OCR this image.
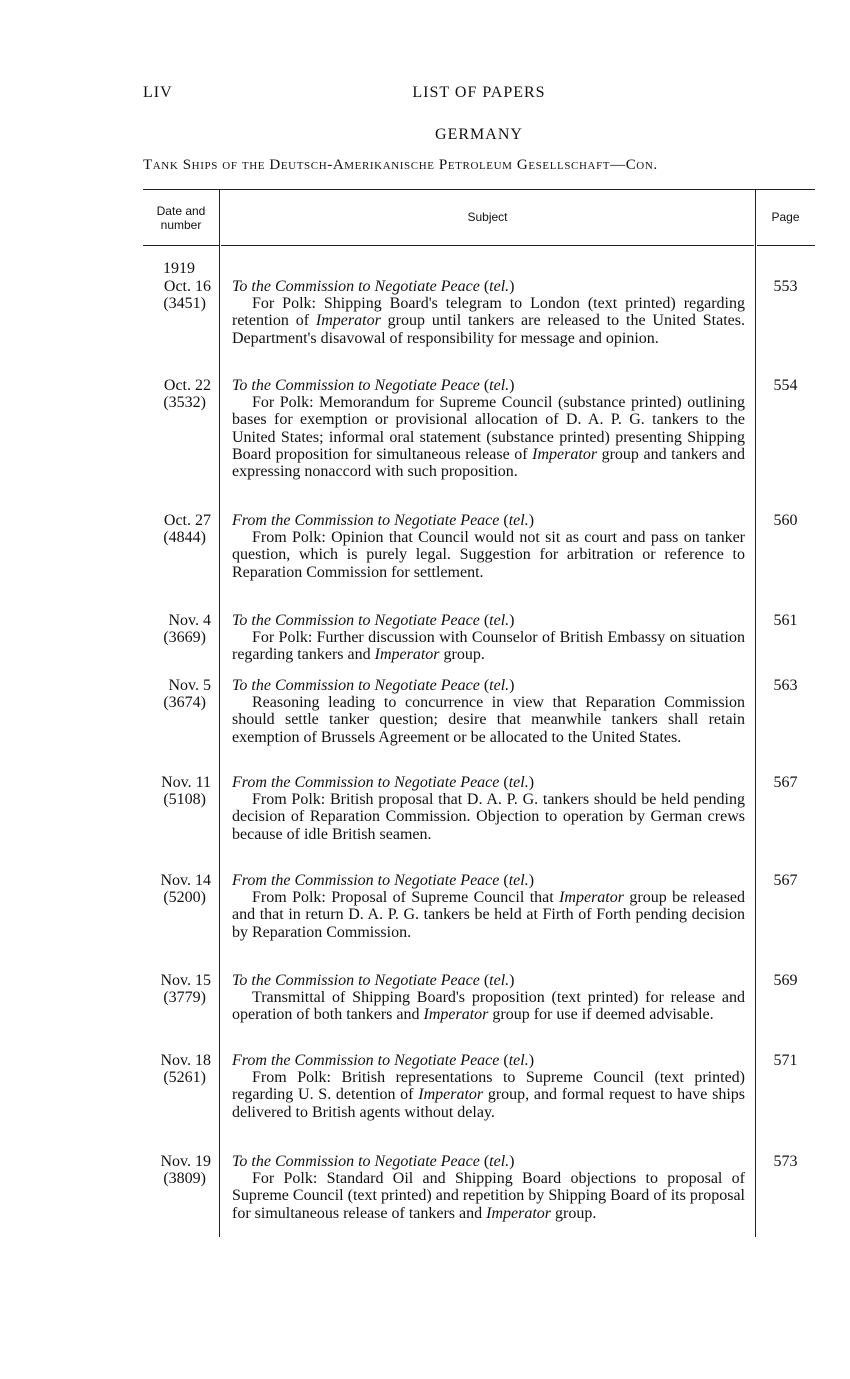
LIV	LIST OF PAPERS
GERMANY
Tank Ships of the Deutsch-Amerikanische Petroleum Gesellschaft—Con.
Date and
number
Subject	Page
1919
Oct. 16
(3451)
To the Commission to Negotiate Peace (tel.)
For Polk: Shipping Board's telegram to London (text printed) regarding retention of Imperator group until tankers are released to the United States. Department's disavowal of responsibility for message and opinion.
553
Oct. 22
(3532)
To the Commission to Negotiate Peace (tel.)
For Polk: Memorandum for Supreme Council (substance printed) outlining bases for exemption or provisional allocation of D. A. P. G. tankers to the United States; informal oral statement (substance printed) presenting Shipping Board proposition for simultaneous release of Imperator group and tankers and expressing nonaccord with such proposition.
554
Oct. 27
(4844)
From the Commission to Negotiate Peace (tel.)
From Polk: Opinion that Council would not sit as court and pass on tanker question, which is purely legal. Suggestion for arbitration or reference to Reparation Commission for settlement.
560
Nov. 4
(3669)
To the Commission to Negotiate Peace (tel.)
For Polk: Further discussion with Counselor of British Embassy on situation regarding tankers and Imperator group.
561
Nov. 5
(3674)
To the Commission to Negotiate Peace (tel.)
Reasoning leading to concurrence in view that Reparation Commission should settle tanker question; desire that meanwhile tankers shall retain exemption of Brussels Agreement or be allocated to the United States.
563
Nov. 11
(5108)
From the Commission to Negotiate Peace (tel.)
From Polk: British proposal that D. A. P. G. tankers should be held pending decision of Reparation Commission. Objection to operation by German crews because of idle British seamen.
567
Nov. 14
(5200)
From the Commission to Negotiate Peace (tel.)
From Polk: Proposal of Supreme Council that Imperator group be released and that in return D. A. P. G. tankers be held at Firth of Forth pending decision by Reparation Commission.
567
Nov. 15
(3779)
To the Commission to Negotiate Peace (tel.)
Transmittal of Shipping Board's proposition (text printed) for release and operation of both tankers and Imperator group for use if deemed advisable.
569
Nov. 18
(5261)
From the Commission to Negotiate Peace (tel.)
From Polk: British representations to Supreme Council (text printed) regarding U. S. detention of Imperator group, and formal request to have ships delivered to British agents without delay.
571
Nov. 19
(3809)
To the Commission to Negotiate Peace (tel.)
For Polk: Standard Oil and Shipping Board objections to proposal of Supreme Council (text printed) and repetition by Shipping Board of its proposal for simultaneous release of tankers and Imperator group.
573
